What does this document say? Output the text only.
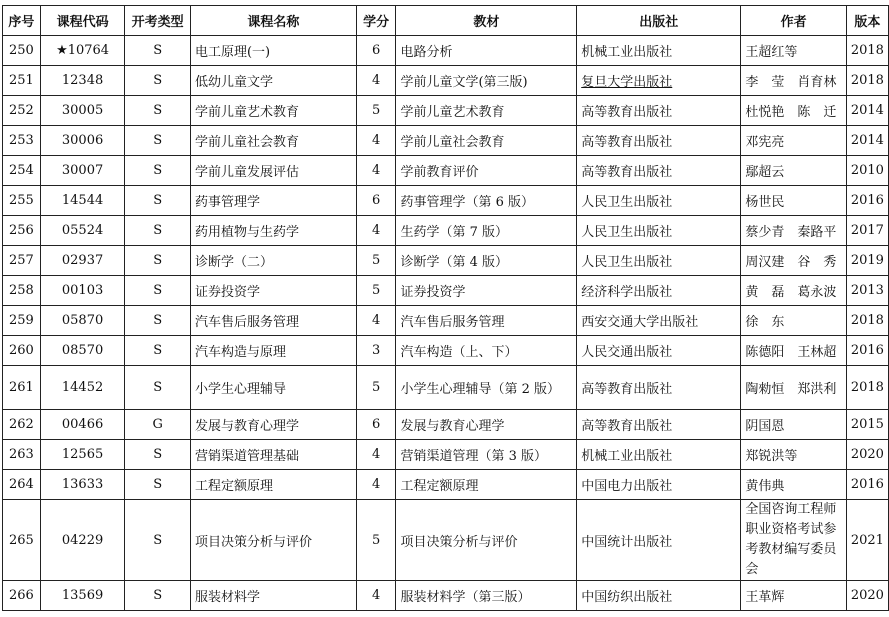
序号	课程代码	开考类型	课程名称	学分	教材	出版社	作者	版本
250	★10764	S	电工原理(一)	6	电路分析	机械工业出版社	王超红等	2018
251	12348	S	低幼儿童文学	4	学前儿童文学(第三版)	复旦大学出版社	李　莹　肖育林	2018
252	30005	S	学前儿童艺术教育	5	学前儿童艺术教育	高等教育出版社	杜悦艳　陈　迁	2014
253	30006	S	学前儿童社会教育	4	学前儿童社会教育	高等教育出版社	邓宪亮	2014
254	30007	S	学前儿童发展评估	4	学前教育评价	高等教育出版社	鄢超云	2010
255	14544	S	药事管理学	6	药事管理学（第 6 版）	人民卫生出版社	杨世民	2016
256	05524	S	药用植物与生药学	4	生药学（第 7 版）	人民卫生出版社	蔡少青　秦路平	2017
257	02937	S	诊断学（二）	5	诊断学（第 4 版）	人民卫生出版社	周汉建　谷　秀	2019
258	00103	S	证券投资学	5	证券投资学	经济科学出版社	黄　磊　葛永波	2013
259	05870	S	汽车售后服务管理	4	汽车售后服务管理	西安交通大学出版社	徐　东	2018
260	08570	S	汽车构造与原理	3	汽车构造（上、下）	人民交通出版社	陈德阳　王林超	2016
261	14452	S	小学生心理辅导	5	小学生心理辅导（第 2 版）	高等教育出版社	陶勑恒　郑洪利	2018
262	00466	G	发展与教育心理学	6	发展与教育心理学	高等教育出版社	阴国恩	2015
263	12565	S	营销渠道管理基础	4	营销渠道管理（第 3 版）	机械工业出版社	郑锐洪等	2020
264	13633	S	工程定额原理	4	工程定额原理	中国电力出版社	黄伟典	2016
265	04229	S	项目决策分析与评价	5	项目决策分析与评价	中国统计出版社	全国咨询工程师职业资格考试参考教材编写委员会	2021
266	13569	S	服装材料学	4	服装材料学（第三版）	中国纺织出版社	王革辉	2020
